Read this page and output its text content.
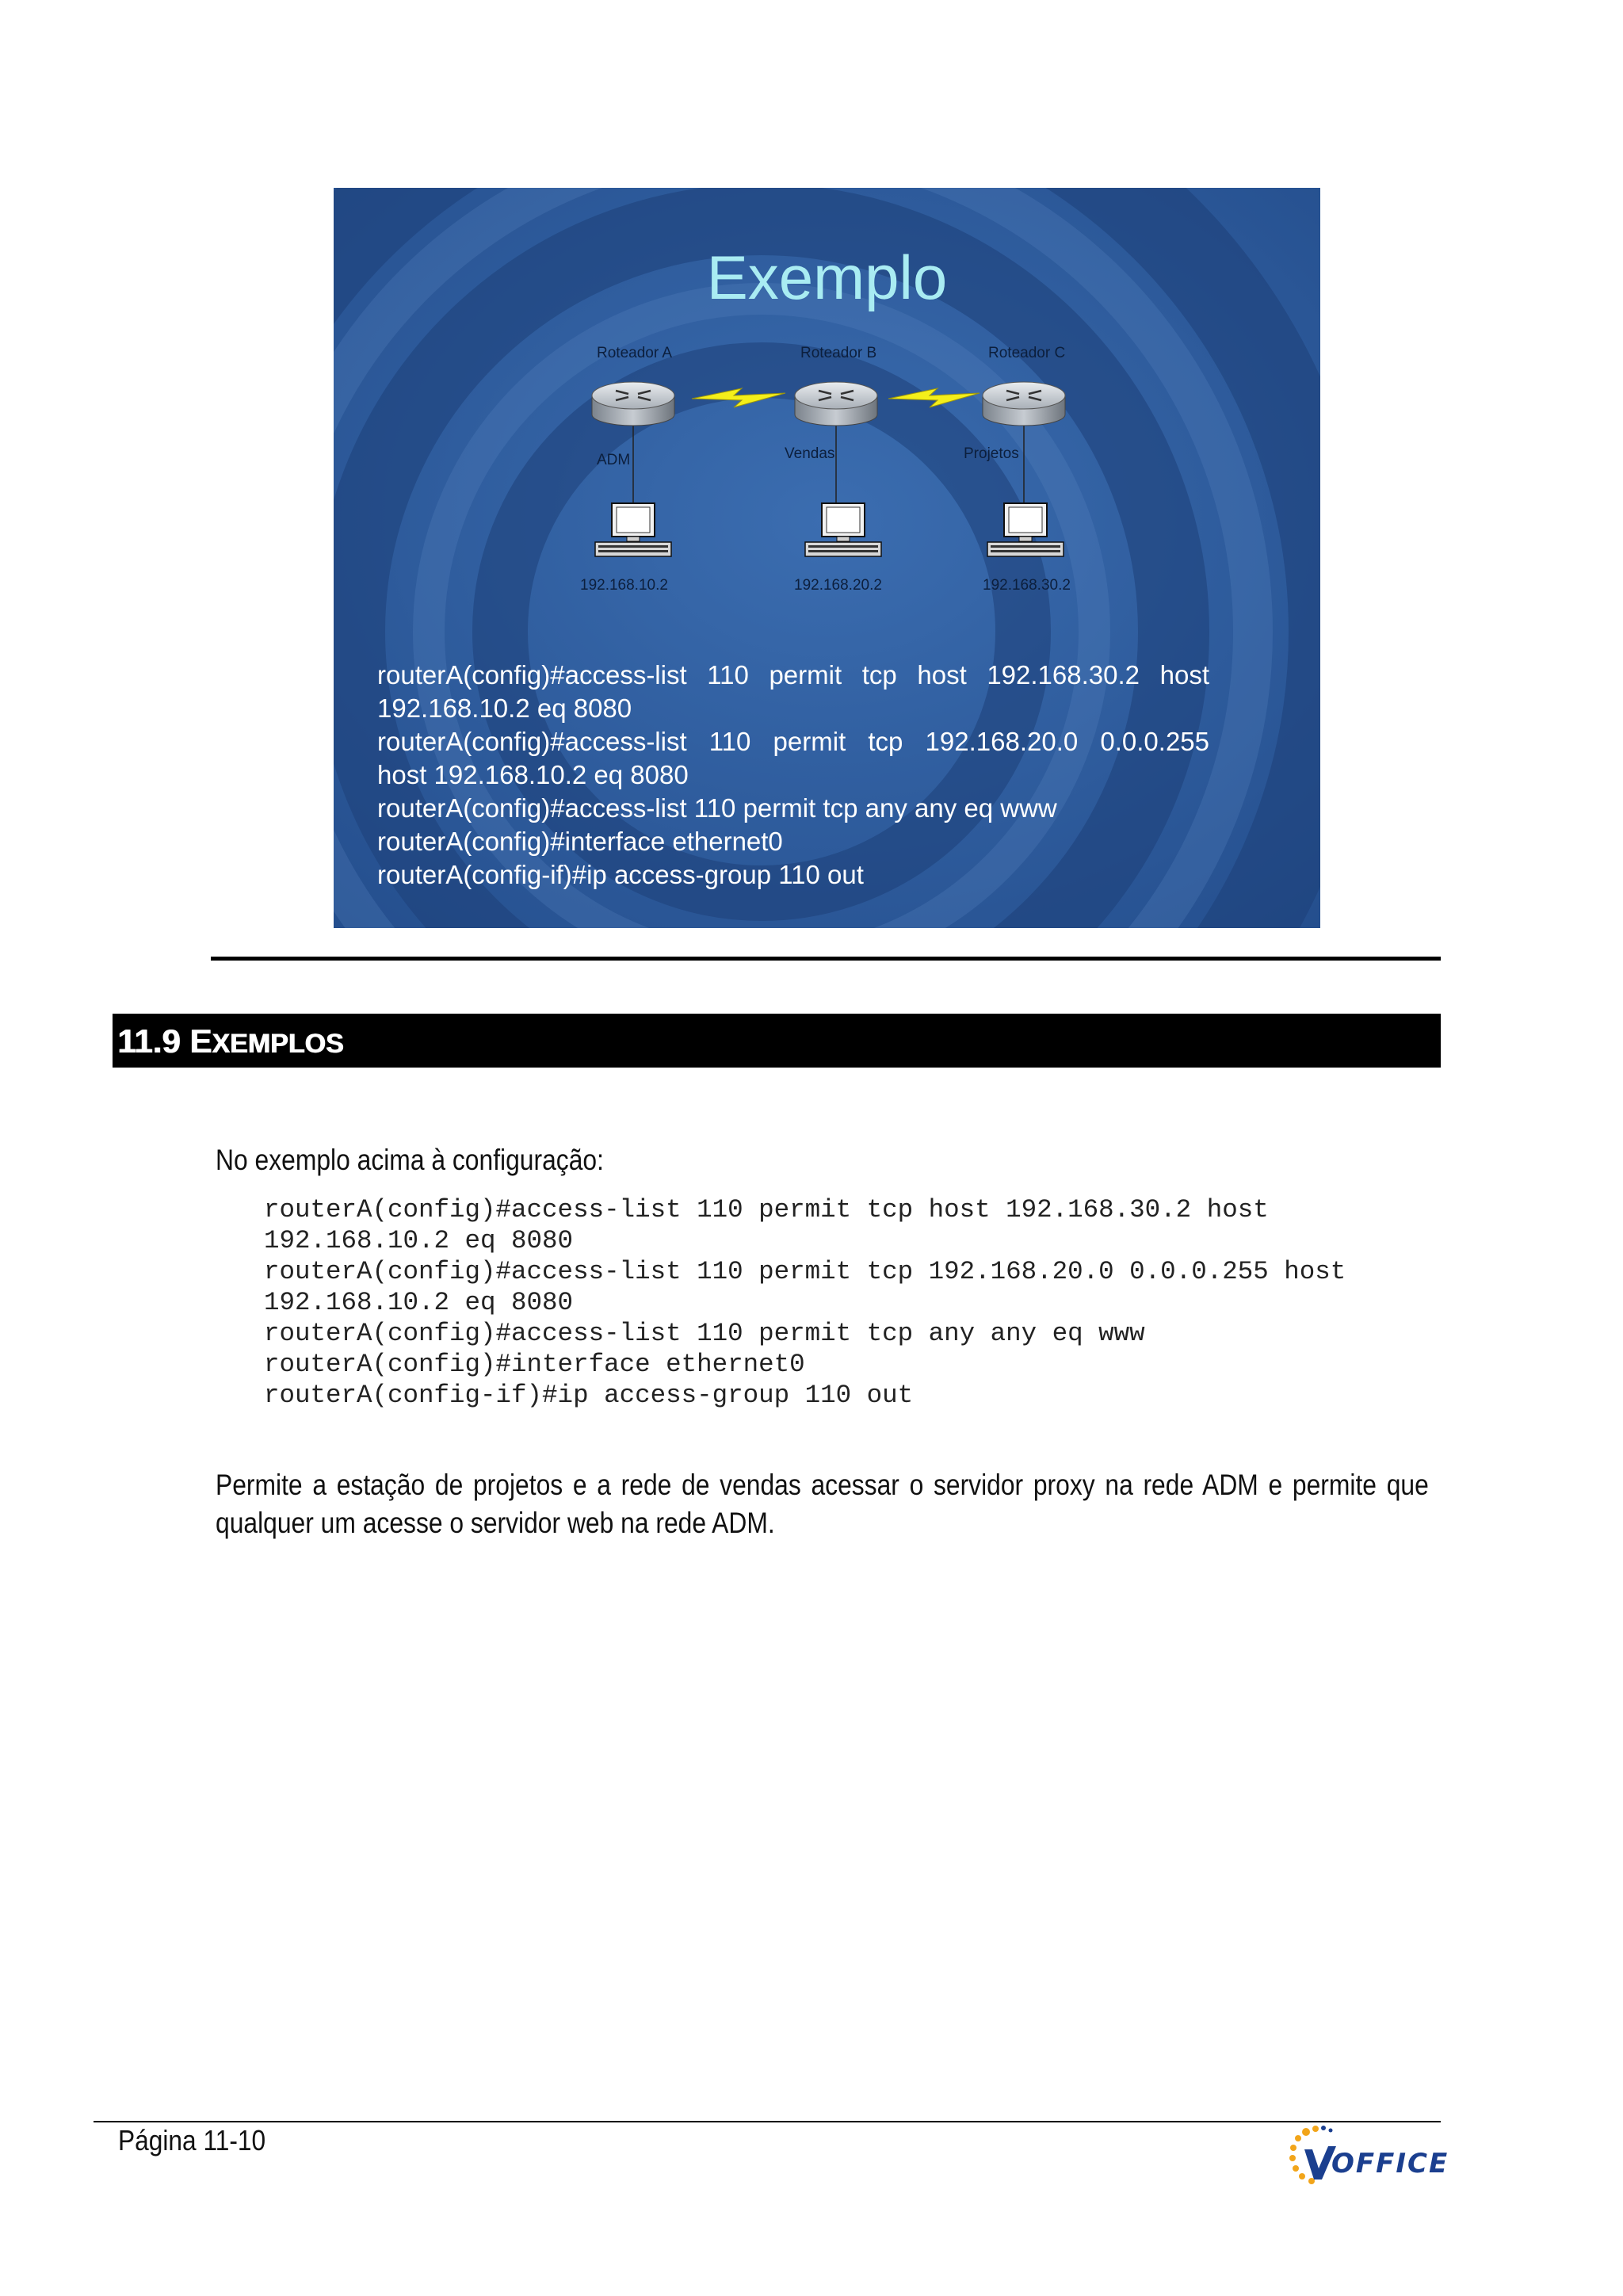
Exemplo
Roteador A	Roteador B	Roteador C
ADM	Vendas	Projetos
192.168.10.2	192.168.20.2	192.168.30.2
routerA(config)#access-list 110 permit tcp host 192.168.30.2 host
192.168.10.2 eq 8080
routerA(config)#access-list 110 permit tcp 192.168.20.0 0.0.0.255
host 192.168.10.2 eq 8080
routerA(config)#access-list 110 permit tcp any any eq www
routerA(config)#interface ethernet0
routerA(config-if)#ip access-group 110 out
11.9 EXEMPLOS
No exemplo acima à configuração:
routerA(config)#access-list 110 permit tcp host 192.168.30.2 host
192.168.10.2 eq 8080
routerA(config)#access-list 110 permit tcp 192.168.20.0 0.0.0.255 host
192.168.10.2 eq 8080
routerA(config)#access-list 110 permit tcp any any eq www
routerA(config)#interface ethernet0
routerA(config-if)#ip access-group 110 out
Permite a estação de projetos e a rede de vendas acessar o servidor proxy na rede ADM e permite que qualquer um acesse o servidor web na rede ADM.
Página 11-10
OFFICE
